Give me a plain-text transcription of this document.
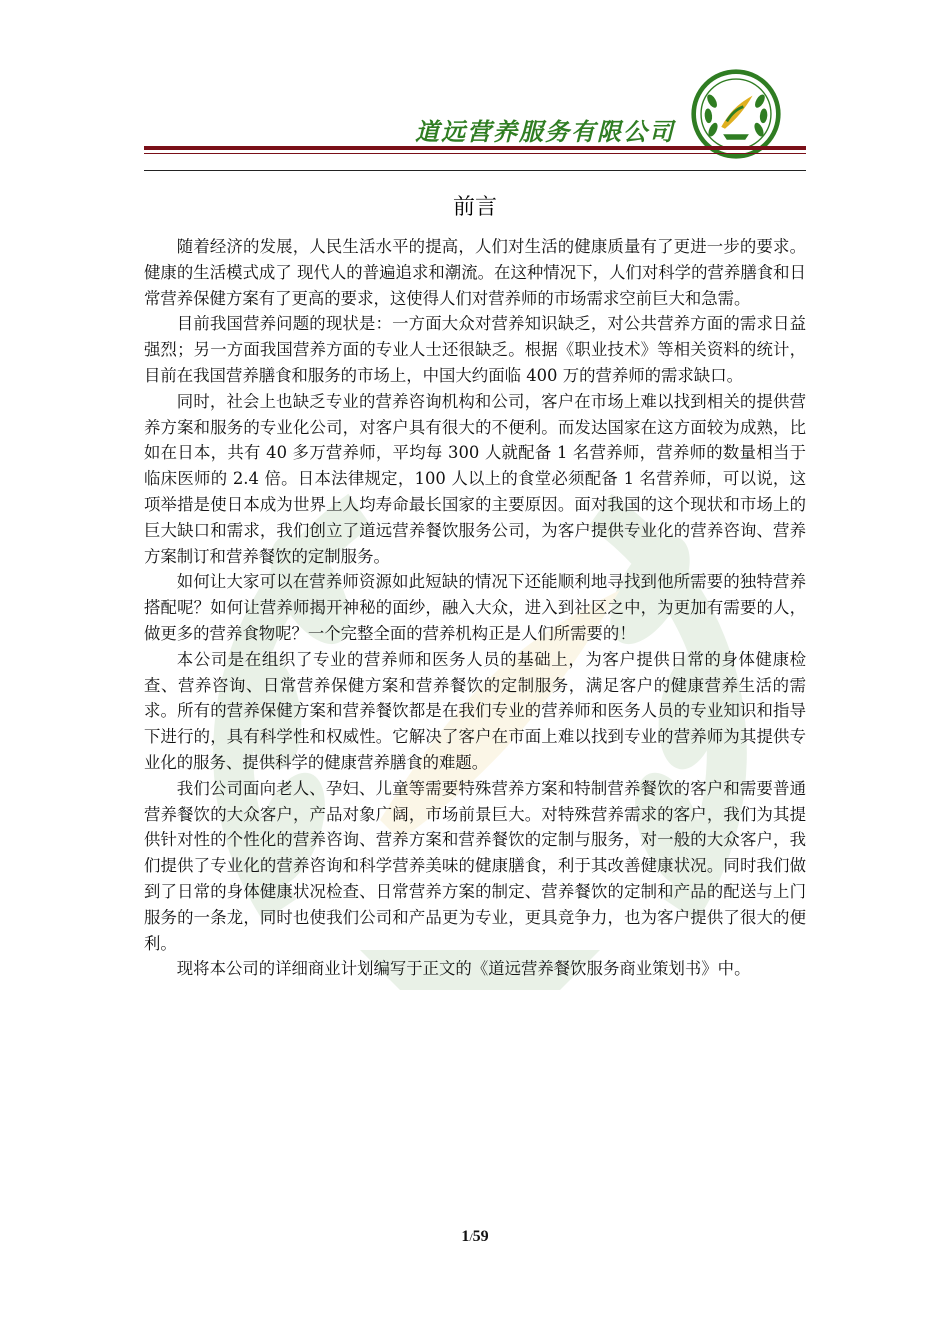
道远营养服务有限公司
前言

随着经济的发展，人民生活水平的提高，人们对生活的健康质量有了更进一步的要求。健康的生活模式成了 现代人的普遍追求和潮流。在这种情况下，人们对科学的营养膳食和日常营养保健方案有了更高的要求，这使得人们对营养师的市场需求空前巨大和急需。

目前我国营养问题的现状是：一方面大众对营养知识缺乏，对公共营养方面的需求日益强烈；另一方面我国营养方面的专业人士还很缺乏。根据《职业技术》等相关资料的统计，目前在我国营养膳食和服务的市场上，中国大约面临 400 万的营养师的需求缺口。

同时，社会上也缺乏专业的营养咨询机构和公司，客户在市场上难以找到相关的提供营养方案和服务的专业化公司，对客户具有很大的不便利。而发达国家在这方面较为成熟，比如在日本，共有 40 多万营养师，平均每 300 人就配备 1 名营养师，营养师的数量相当于临床医师的 2.4 倍。日本法律规定，100 人以上的食堂必须配备 1 名营养师，可以说，这项举措是使日本成为世界上人均寿命最长国家的主要原因。面对我国的这个现状和市场上的巨大缺口和需求，我们创立了道远营养餐饮服务公司，为客户提供专业化的营养咨询、营养方案制订和营养餐饮的定制服务。

如何让大家可以在营养师资源如此短缺的情况下还能顺利地寻找到他所需要的独特营养搭配呢？如何让营养师揭开神秘的面纱，融入大众，进入到社区之中，为更加有需要的人，做更多的营养食物呢？一个完整全面的营养机构正是人们所需要的！

本公司是在组织了专业的营养师和医务人员的基础上，为客户提供日常的身体健康检查、营养咨询、日常营养保健方案和营养餐饮的定制服务，满足客户的健康营养生活的需求。所有的营养保健方案和营养餐饮都是在我们专业的营养师和医务人员的专业知识和指导下进行的，具有科学性和权威性。它解决了客户在市面上难以找到专业的营养师为其提供专业化的服务、提供科学的健康营养膳食的难题。

我们公司面向老人、孕妇、儿童等需要特殊营养方案和特制营养餐饮的客户和需要普通营养餐饮的大众客户，产品对象广阔，市场前景巨大。对特殊营养需求的客户，我们为其提供针对性的个性化的营养咨询、营养方案和营养餐饮的定制与服务，对一般的大众客户，我们提供了专业化的营养咨询和科学营养美味的健康膳食，利于其改善健康状况。同时我们做到了日常的身体健康状况检查、日常营养方案的制定、营养餐饮的定制和产品的配送与上门服务的一条龙，同时也使我们公司和产品更为专业，更具竞争力，也为客户提供了很大的便利。

现将本公司的详细商业计划编写于正文的《道远营养餐饮服务商业策划书》中。

1/59
